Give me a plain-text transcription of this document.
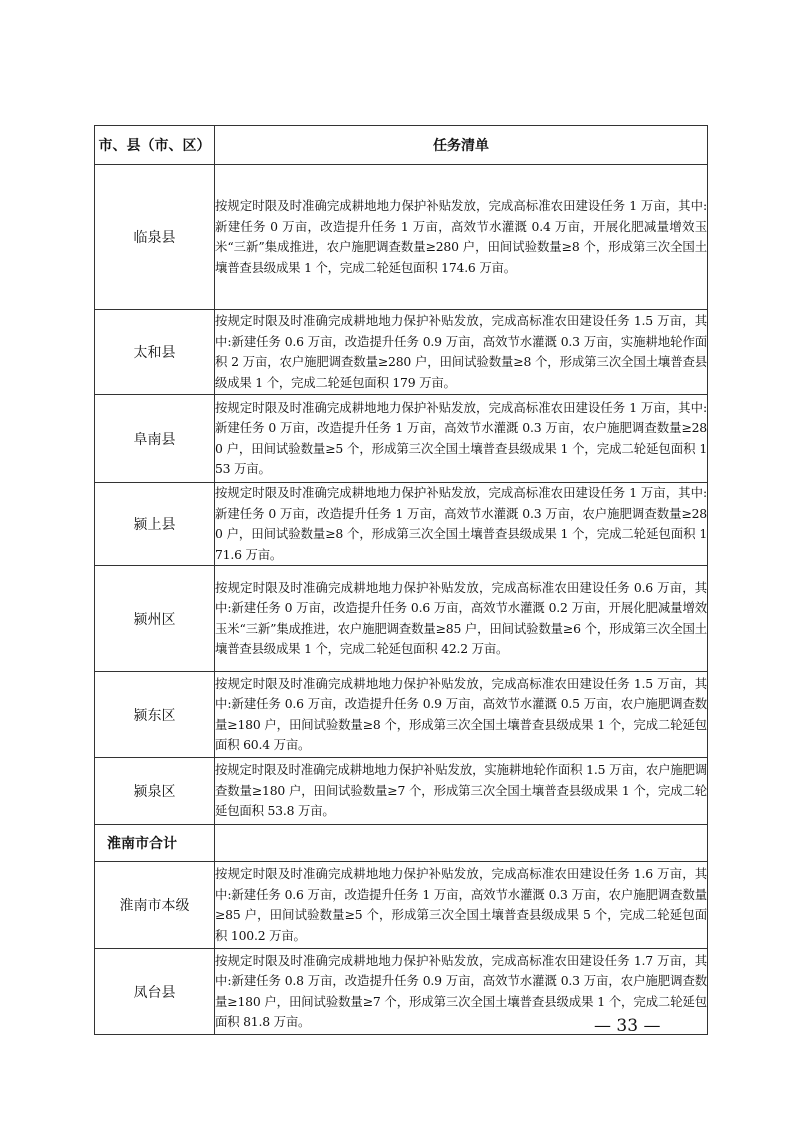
市、县（市、区）	任务清单
临泉县	按规定时限及时准确完成耕地地力保护补贴发放，完成高标准农田建设任务 1 万亩，其中:新建任务 0 万亩，改造提升任务 1 万亩，高效节水灌溉 0.4 万亩，开展化肥减量增效玉米“三新”集成推进，农户施肥调查数量≥280 户，田间试验数量≥8 个，形成第三次全国土壤普查县级成果 1 个，完成二轮延包面积 174.6 万亩。
太和县	按规定时限及时准确完成耕地地力保护补贴发放，完成高标准农田建设任务 1.5 万亩，其中:新建任务 0.6 万亩，改造提升任务 0.9 万亩，高效节水灌溉 0.3 万亩，实施耕地轮作面积 2 万亩，农户施肥调查数量≥280 户，田间试验数量≥8 个，形成第三次全国土壤普查县级成果 1 个，完成二轮延包面积 179 万亩。
阜南县	按规定时限及时准确完成耕地地力保护补贴发放，完成高标准农田建设任务 1 万亩，其中:新建任务 0 万亩，改造提升任务 1 万亩，高效节水灌溉 0.3 万亩，农户施肥调查数量≥280 户，田间试验数量≥5 个，形成第三次全国土壤普查县级成果 1 个，完成二轮延包面积 153 万亩。
颍上县	按规定时限及时准确完成耕地地力保护补贴发放，完成高标准农田建设任务 1 万亩，其中:新建任务 0 万亩，改造提升任务 1 万亩，高效节水灌溉 0.3 万亩，农户施肥调查数量≥280 户，田间试验数量≥8 个，形成第三次全国土壤普查县级成果 1 个，完成二轮延包面积 171.6 万亩。
颍州区	按规定时限及时准确完成耕地地力保护补贴发放，完成高标准农田建设任务 0.6 万亩，其中:新建任务 0 万亩，改造提升任务 0.6 万亩，高效节水灌溉 0.2 万亩，开展化肥减量增效玉米“三新”集成推进，农户施肥调查数量≥85 户，田间试验数量≥6 个，形成第三次全国土壤普查县级成果 1 个，完成二轮延包面积 42.2 万亩。
颍东区	按规定时限及时准确完成耕地地力保护补贴发放，完成高标准农田建设任务 1.5 万亩，其中:新建任务 0.6 万亩，改造提升任务 0.9 万亩，高效节水灌溉 0.5 万亩，农户施肥调查数量≥180 户，田间试验数量≥8 个，形成第三次全国土壤普查县级成果 1 个，完成二轮延包面积 60.4 万亩。
颍泉区	按规定时限及时准确完成耕地地力保护补贴发放，实施耕地轮作面积 1.5 万亩，农户施肥调查数量≥180 户，田间试验数量≥7 个，形成第三次全国土壤普查县级成果 1 个，完成二轮延包面积 53.8 万亩。
淮南市合计	
淮南市本级	按规定时限及时准确完成耕地地力保护补贴发放，完成高标准农田建设任务 1.6 万亩，其中:新建任务 0.6 万亩，改造提升任务 1 万亩，高效节水灌溉 0.3 万亩，农户施肥调查数量≥85 户，田间试验数量≥5 个，形成第三次全国土壤普查县级成果 5 个，完成二轮延包面积 100.2 万亩。
凤台县	按规定时限及时准确完成耕地地力保护补贴发放，完成高标准农田建设任务 1.7 万亩，其中:新建任务 0.8 万亩，改造提升任务 0.9 万亩，高效节水灌溉 0.3 万亩，农户施肥调查数量≥180 户，田间试验数量≥7 个，形成第三次全国土壤普查县级成果 1 个，完成二轮延包面积 81.8 万亩。	— 33 —
